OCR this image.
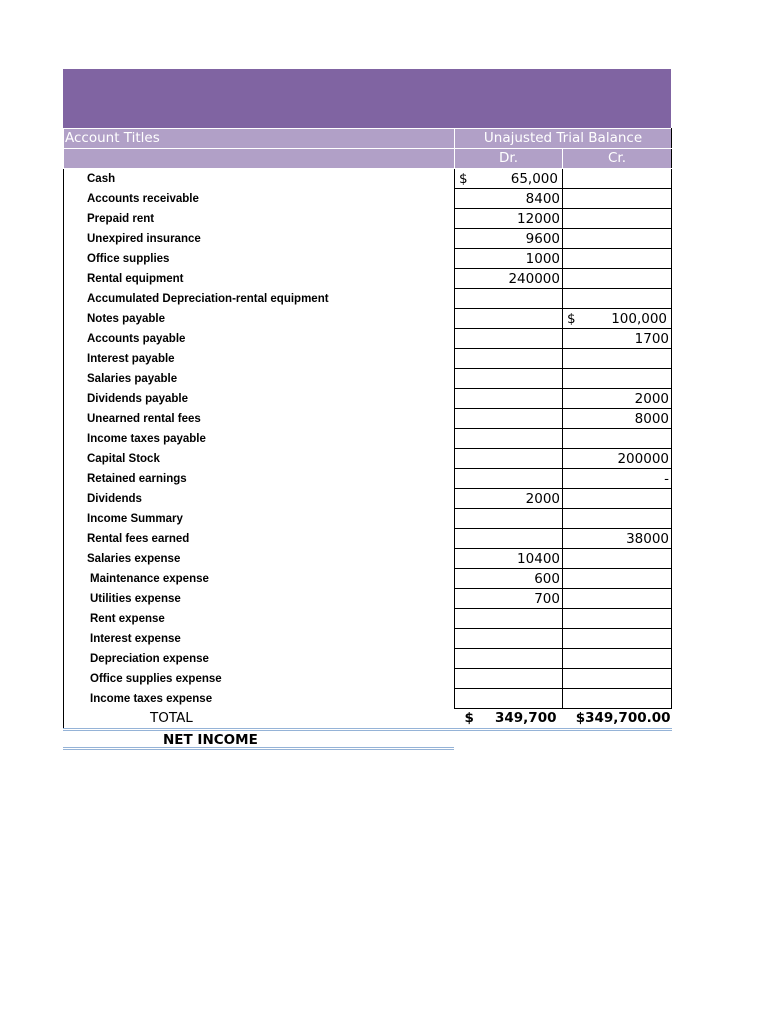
Account Titles	Unajusted Trial Balance	
	Dr.	Cr.
Cash	$ 65,000	

Accounts receivable	8400	

Prepaid rent	12000	

Unexpired insurance	9600	

Office supplies	1000	

Rental equipment	240000	

Accumulated Depreciation-rental equipment	

Notes payable		$ 100,000
Accounts payable		1700
Interest payable	

Salaries payable	

Dividends payable		2000
Unearned rental fees		8000
Income taxes payable	

Capital Stock		200000
Retained earnings		-
Dividends	2000	

Income Summary	

Rental fees earned		38000
Salaries expense	10400	

Maintenance expense	600	

Utilities expense	700	

Rent expense	

Interest expense	

Depreciation expense	

Office supplies expense	

Income taxes expense	

TOTAL	$ 349,700	$349,700.00
NET INCOME
